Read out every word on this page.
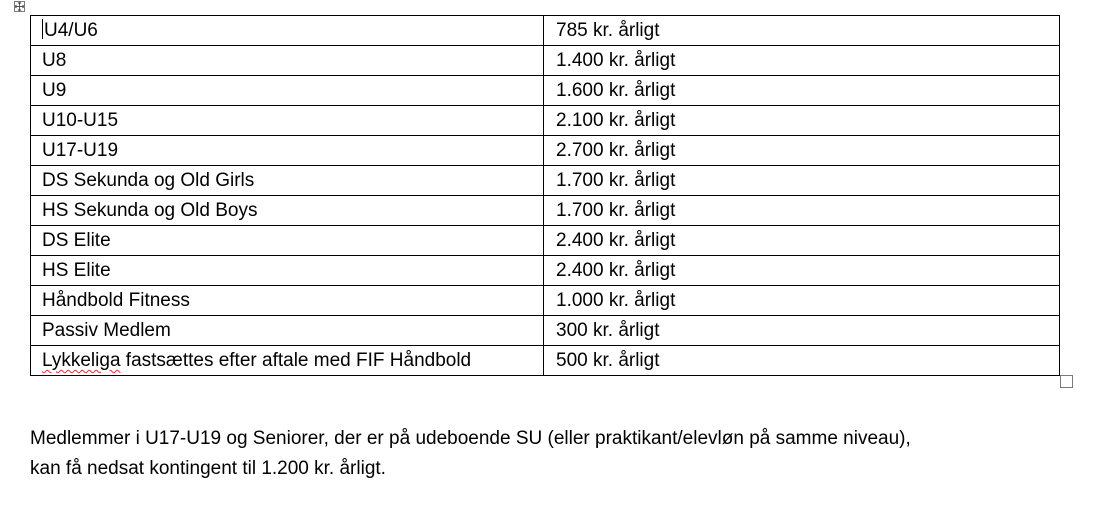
U4/U6	785 kr. årligt
U8	1.400 kr. årligt
U9	1.600 kr. årligt
U10-U15	2.100 kr. årligt
U17-U19	2.700 kr. årligt
DS Sekunda og Old Girls	1.700 kr. årligt
HS Sekunda og Old Boys	1.700 kr. årligt
DS Elite	2.400 kr. årligt
HS Elite	2.400 kr. årligt
Håndbold Fitness	1.000 kr. årligt
Passiv Medlem	300 kr. årligt
Lykkeliga fastsættes efter aftale med FIF Håndbold	500 kr. årligt

Medlemmer i U17-U19 og Seniorer, der er på udeboende SU (eller praktikant/elevløn på samme niveau),
kan få nedsat kontingent til 1.200 kr. årligt.
